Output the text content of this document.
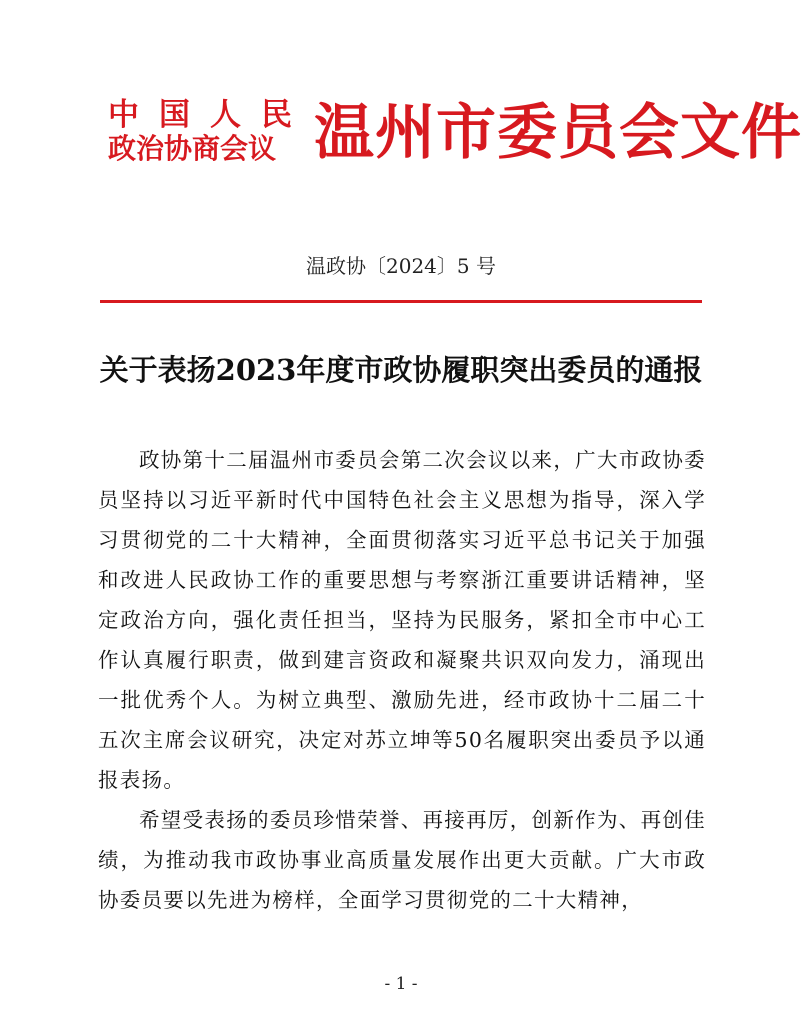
中国人民
政治协商会议 温州市委员会文件
温政协〔2024〕5 号
关于表扬2023年度市政协履职突出委员的通报

政协第十二届温州市委员会第二次会议以来，广大市政协委员坚持以习近平新时代中国特色社会主义思想为指导，深入学习贯彻党的二十大精神，全面贯彻落实习近平总书记关于加强和改进人民政协工作的重要思想与考察浙江重要讲话精神，坚定政治方向，强化责任担当，坚持为民服务，紧扣全市中心工作认真履行职责，做到建言资政和凝聚共识双向发力，涌现出一批优秀个人。为树立典型、激励先进，经市政协十二届二十五次主席会议研究，决定对苏立坤等50名履职突出委员予以通报表扬。

希望受表扬的委员珍惜荣誉、再接再厉，创新作为、再创佳绩，为推动我市政协事业高质量发展作出更大贡献。广大市政协委员要以先进为榜样，全面学习贯彻党的二十大精神，

- 1 -
